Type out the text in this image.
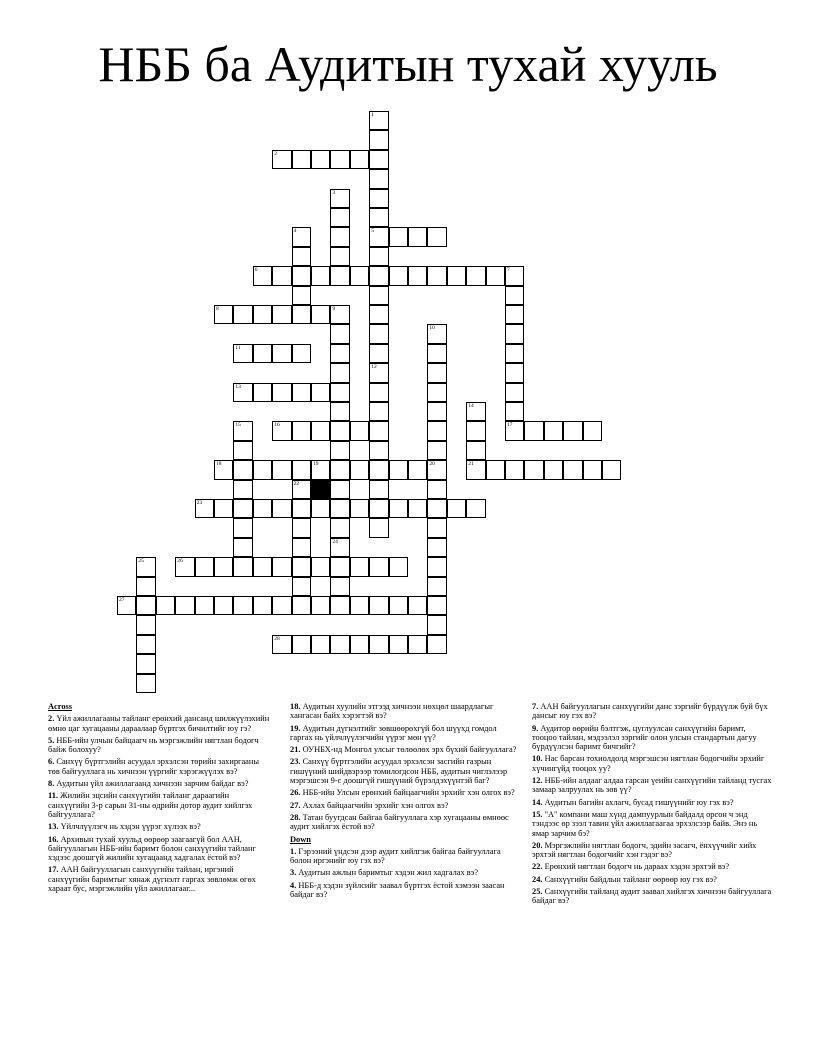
НББ ба Аудитын тухай хууль
2
5
6	7
8	9
11
13
16	17
18	19	21
23
26
27
28
1
12
3
4
24
10
20
14
15
22
25
Across
2. Үйл ажиллагааны тайланг ерөнхий дансанд шилжүүлэхийн өмнө цаг хугацааны дараалаар бүртгэх бичилтийг юу гэ?
5. НББ-ийн улчын байцаагч нь мэргэжлийн нягтлан бодогч байж болохуу?
6. Санхүү бүртгэлийн асуудал эрхэлсэн төрийн захиргааны төв байгууллага нь хичнээн үүргийг хэрэгжүүлэх вэ?
8. Аудитын үйл ажиллагаанд хичнээн зарчим байдаг вэ?
11. Жилийн эцсийн санхүүгийн тайланг дараагийн санхүүгийн 3-р сарын 31-ны өдрийн дотор аудит хийлгэх байгууллага?
13. Үйлчлүүлэгч нь хэдэн үүрэг хүлээх вэ?
16. Архивын тухай хуульд өөрөөр заагаагүй бол ААН, байгууллагын НББ-ийн баримт болон санхүүгийн тайланг хэдээс доошгүй жилийн хугацаанд хадгалах ёстой вэ?
17. ААН байгууллагын санхүүгийн тайлан, иргэний санхүүгийн баримтыг хянаж дүгнэлт гаргах зөвлөмж өгөх харaат бус, мэргэжлийн үйл ажиллагааг...
18. Аудитын хуулийн этгээд хичнээн нөхцөл шаардлагыг хангасан байх хэрэгтэй вэ?
19. Аудитын дүгнэлтийг зөвшөөрөхгүй бол шүүхд гомдол гаргах нь үйлчлүүлэгчийн үүрэг мөн үү?
21. ОУНБХ-нд Монгол улсыг төлөөлөх эрх бүхий байгууллага?
23. Санхүү бүртгэлийн асуудал эрхэлсэн засгийн газрын гишүүний шийдвэрээр томилогдсон НББ, аудитын чиглэлээр мэргэшсэн 9-с доошгүй гишүүний бүрэлдэхүүнтэй баг?
26. НББ-ийн Улсын ерөнхий байцаагчийн эрхийг хэн олгох вэ?
27. Ахлах байцаагчийн эрхийг хэн олгох вэ?
28. Татан буугдсан байгаа байгууллага хэр хугацааны өмнөөс аудит хийлгэх ёстой вэ?
Down
1. Гэрээний үндсэн дээр аудит хийлгэж байгаа байгууллага болон иргэнийг юу гэх вэ?
3. Аудитын ажлын баримтыг хэдэн жил хадгалах вэ?
4. НББ-д хэдэн зүйлсийг заавал бүртгэх ёстой хэмээн заасан байдаг вэ?
7. ААН байгууллагын санхүүгийн данс зэргийг бүрдүүлж буй бүх дансыг юу гэх вэ?
9. Аудитор өөрийн бэлтгэж, цуглуулсан санхүүгийн баримт, тооцоо тайлан, мэдээлэл зэргийг олон улсын стандартын дагуу бүрдүүлсэн баримт бичгийг?
10. Нас барсан тохиолдолд мэргэшсэн нягтлан бодогчийн эрхийг хүчингүйд тооцох уу?
12. НББ-ийн алдааг алдаа гарсан үеийн санхүүгийн тайланд тусгах замаар залруулах нь зөв үү?
14. Аудитын багийн ахлагч, бусад гишүүнийг юу гэх вэ?
15. "А" компани маш хүнд дампуурлын байдалд орсон ч энд тэндээс өр зээл тавин үйл ажиллагаагаа эрхэлсээр байв. Энэ нь ямар зарчим бэ?
20. Мэргэжлийн нягтлан бодогч, эдийн засагч, ёнхүүчийг хийх эрхтэй нягтлан бодогчийг хэн гэдэг вэ?
22. Ерөнхий нягтлан бодогч нь дараах хэдэн эрхтэй вэ?
24. Санхүүгийн байдлын тайланг өөрөөр юу гэх вэ?
25. Санхүүгийн тайланд аудит заавал хийлгэх хичнээн байгууллага байдаг вэ?
